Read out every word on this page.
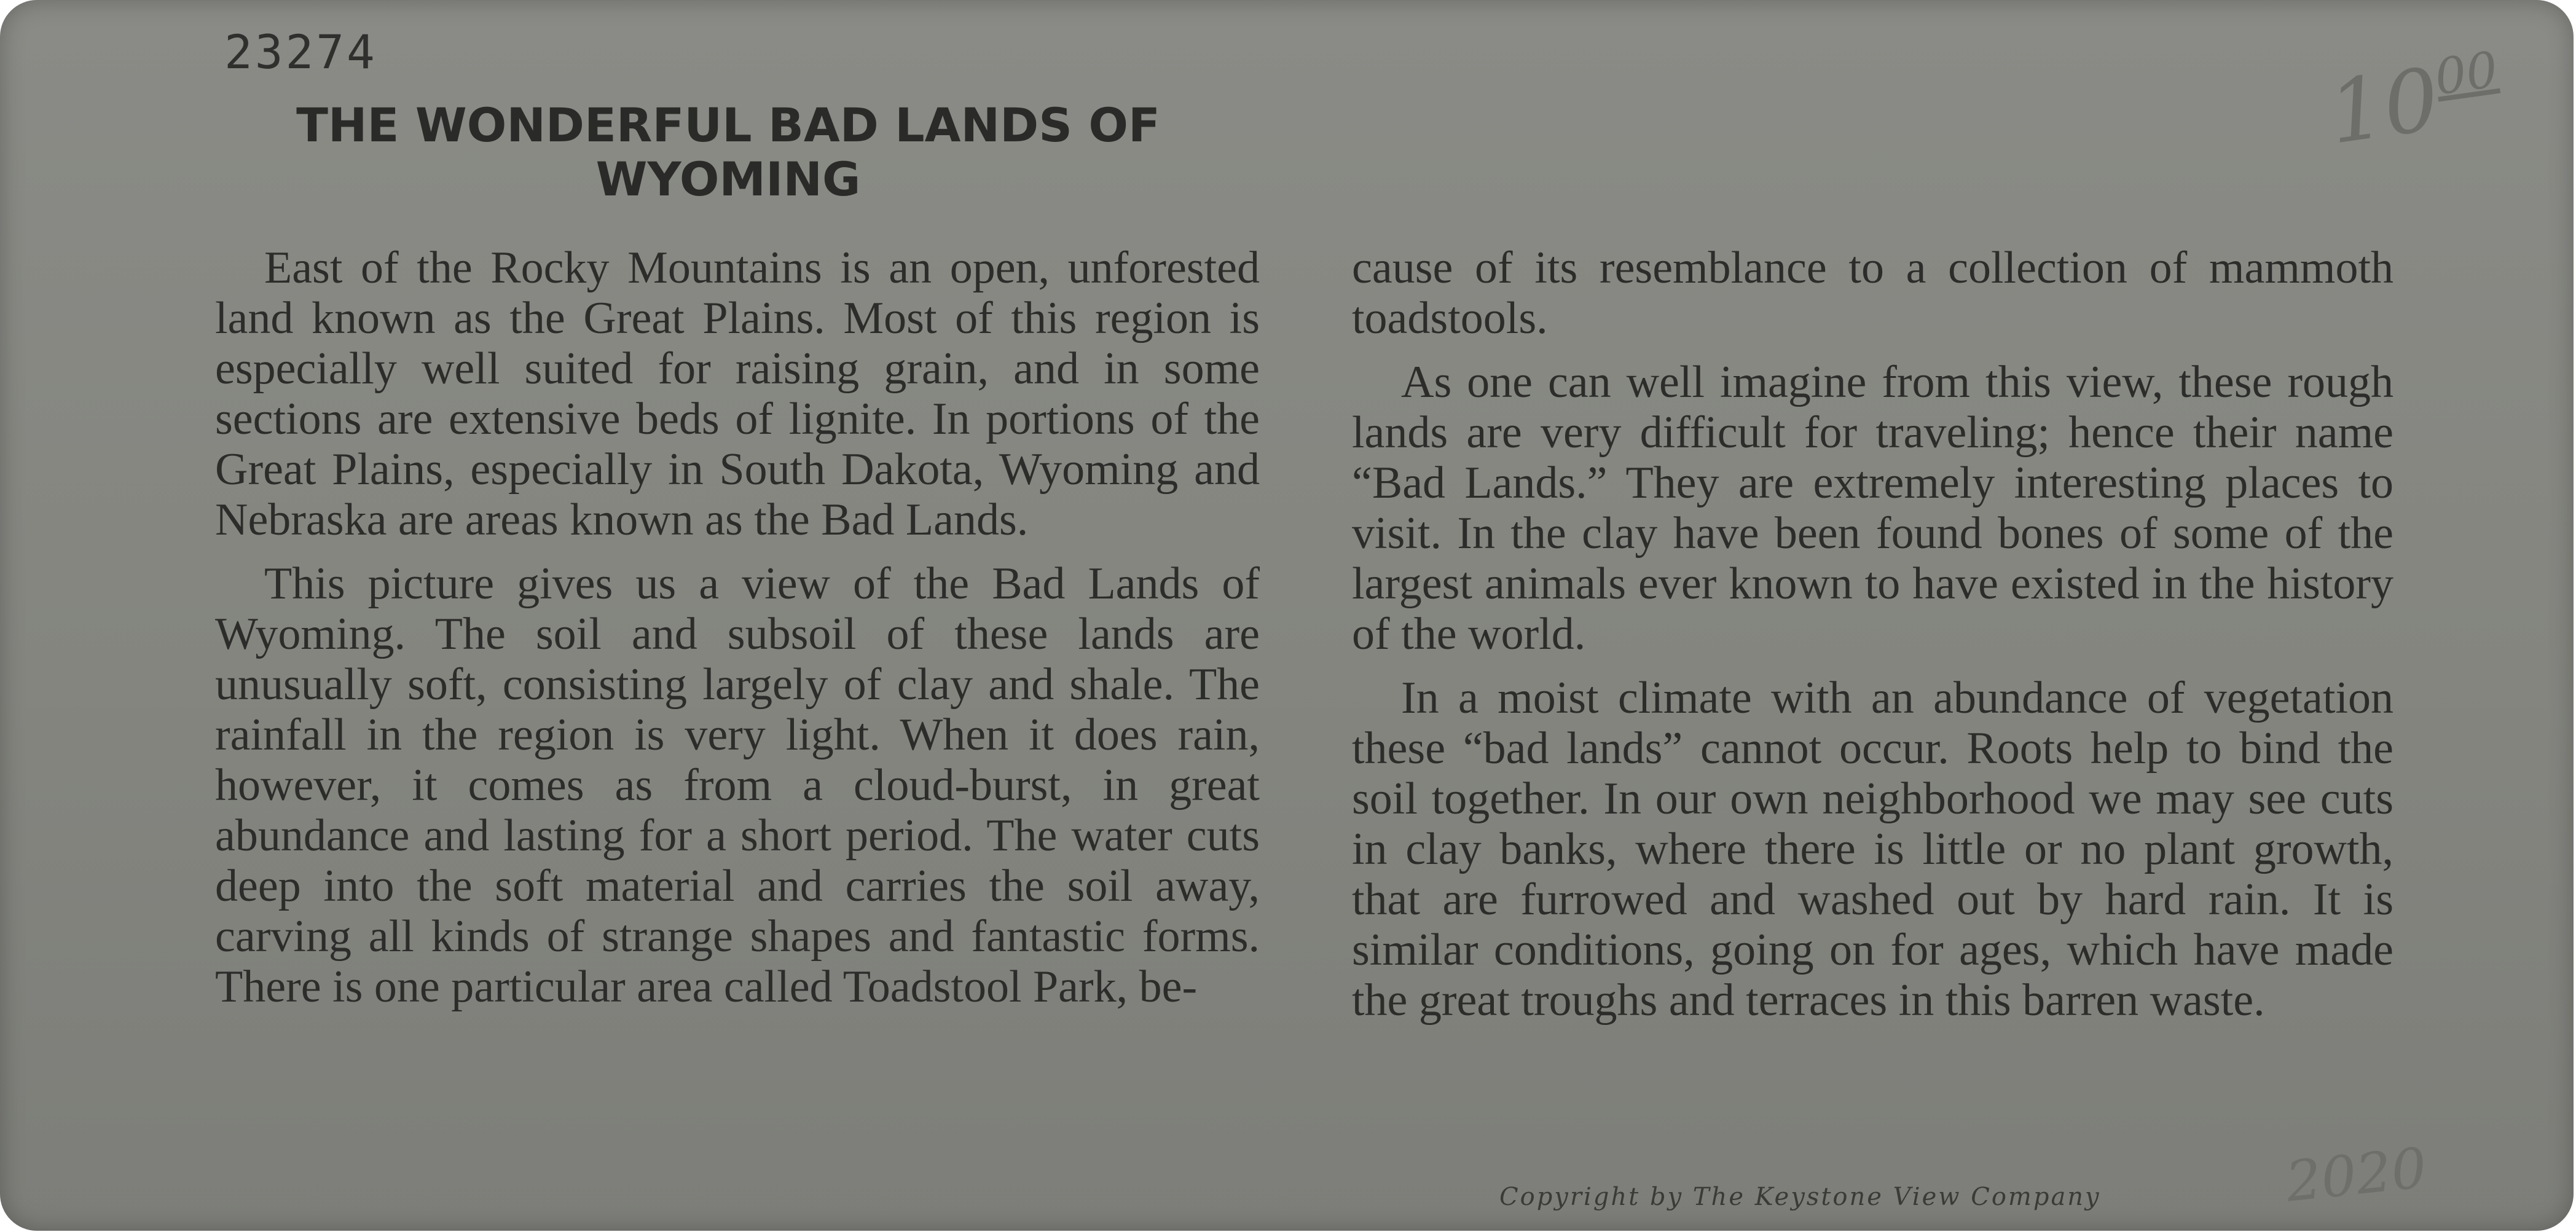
23274	$10^{00}$
THE WONDERFUL BAD LANDS OF
WYOMING

East of the Rocky Mountains is an open, unforested land known as the Great Plains. Most of this region is especially well suited for raising grain, and in some sections are extensive beds of lignite. In portions of the Great Plains, especially in South Dakota, Wyoming and Nebraska are areas known as the Bad Lands.

This picture gives us a view of the Bad Lands of Wyoming. The soil and subsoil of these lands are unusually soft, consisting largely of clay and shale. The rainfall in the region is very light. When it does rain, however, it comes as from a cloud-burst, in great abundance and lasting for a short period. The water cuts deep into the soft material and carries the soil away, carving all kinds of strange shapes and fantastic forms. There is one particular area called Toadstool Park, be-

cause of its resemblance to a collection of mammoth toadstools.

As one can well imagine from this view, these rough lands are very difficult for traveling; hence their name “Bad Lands.” They are extremely interesting places to visit. In the clay have been found bones of some of the largest animals ever known to have existed in the history of the world.

In a moist climate with an abundance of vegetation these “bad lands” cannot occur. Roots help to bind the soil together. In our own neighborhood we may see cuts in clay banks, where there is little or no plant growth, that are furrowed and washed out by hard rain. It is similar conditions, going on for ages, which have made the great troughs and terraces in this barren waste.

Copyright by The Keystone View Company	2020
